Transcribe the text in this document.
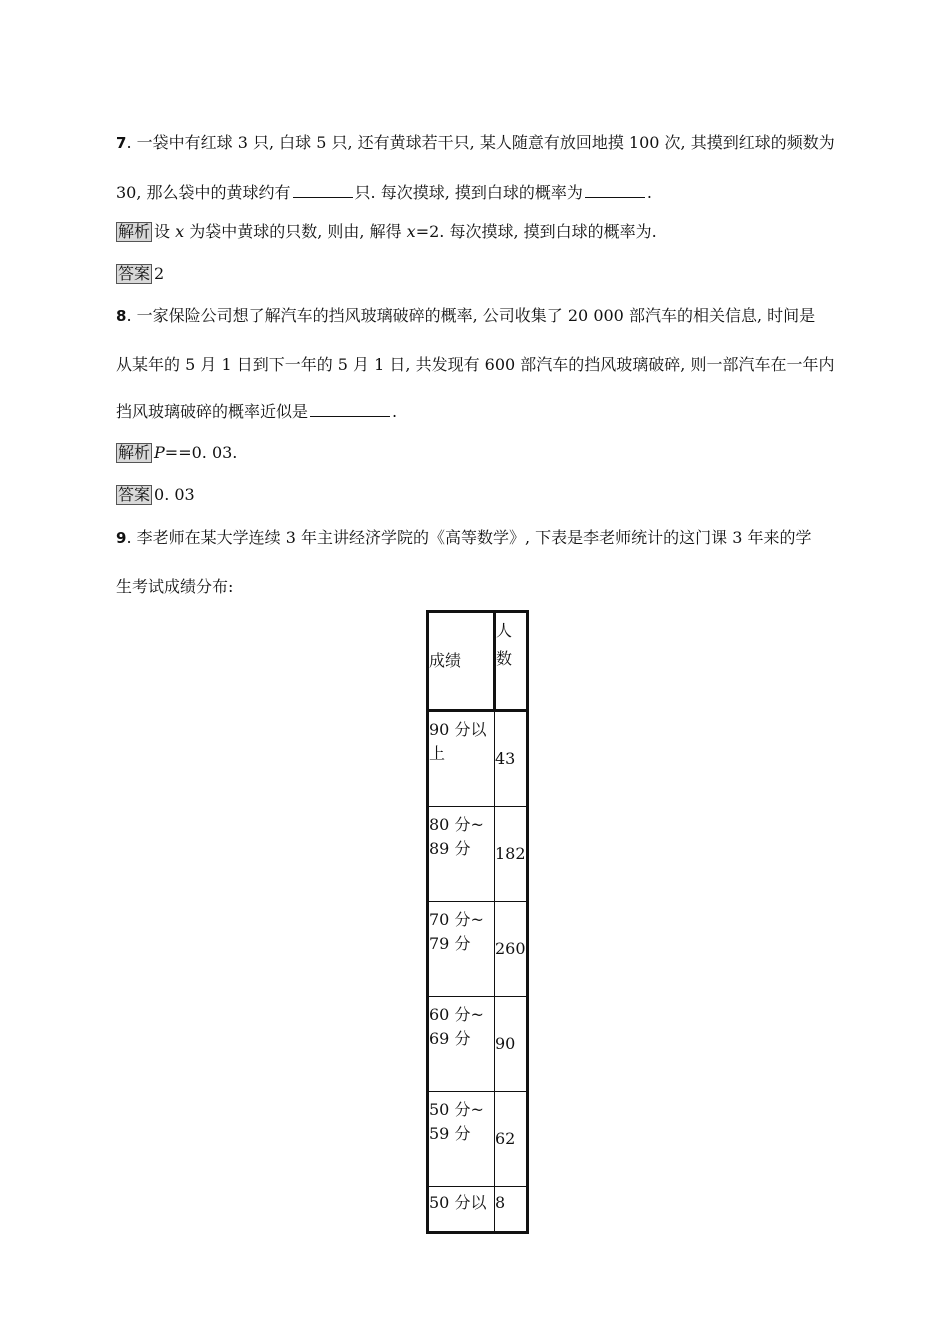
7. 一袋中有红球 3 只, 白球 5 只, 还有黄球若干只, 某人随意有放回地摸 100 次, 其摸到红球的频数为
30, 那么袋中的黄球约有	只. 每次摸球, 摸到白球的概率为	.
解析 设 x 为袋中黄球的只数, 则由, 解得 x=2. 每次摸球, 摸到白球的概率为.
答案 2
8. 一家保险公司想了解汽车的挡风玻璃破碎的概率, 公司收集了 20 000 部汽车的相关信息, 时间是
从某年的 5 月 1 日到下一年的 5 月 1 日, 共发现有 600 部汽车的挡风玻璃破碎, 则一部汽车在一年内
挡风玻璃破碎的概率近似是	.
解析 P==0. 03.
答案 0. 03
9. 李老师在某大学连续 3 年主讲经济学院的《高等数学》, 下表是李老师统计的这门课 3 年来的学
生考试成绩分布:
成绩	人数

90 分以上	43

80 分~89 分	182

70 分~79 分	260

60 分~69 分	90

50 分~59 分	62

50 分以	8
